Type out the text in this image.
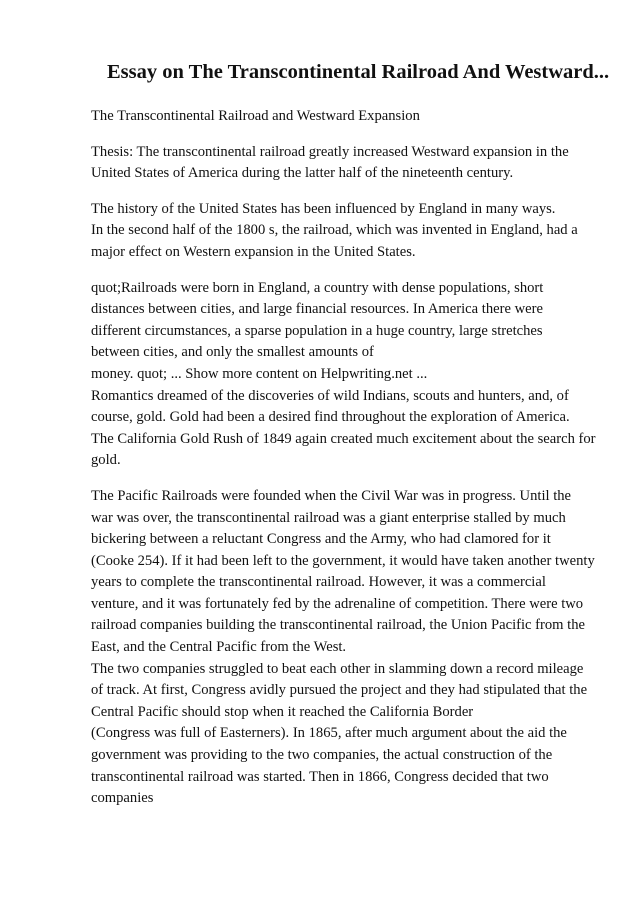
Essay on The Transcontinental Railroad And Westward...

The Transcontinental Railroad and Westward Expansion

Thesis: The transcontinental railroad greatly increased Westward expansion in the
United States of America during the latter half of the nineteenth century.

The history of the United States has been influenced by England in many ways.
In the second half of the 1800 s, the railroad, which was invented in England, had a
major effect on Western expansion in the United States.

quot;Railroads were born in England, a country with dense populations, short
distances between cities, and large financial resources. In America there were
different circumstances, a sparse population in a huge country, large stretches
between cities, and only the smallest amounts of
money. quot; ... Show more content on Helpwriting.net ...
Romantics dreamed of the discoveries of wild Indians, scouts and hunters, and, of
course, gold. Gold had been a desired find throughout the exploration of America.
The California Gold Rush of 1849 again created much excitement about the search for
gold.

The Pacific Railroads were founded when the Civil War was in progress. Until the
war was over, the transcontinental railroad was a giant enterprise stalled by much
bickering between a reluctant Congress and the Army, who had clamored for it
(Cooke 254). If it had been left to the government, it would have taken another twenty
years to complete the transcontinental railroad. However, it was a commercial
venture, and it was fortunately fed by the adrenaline of competition. There were two
railroad companies building the transcontinental railroad, the Union Pacific from the
East, and the Central Pacific from the West.
The two companies struggled to beat each other in slamming down a record mileage
of track. At first, Congress avidly pursued the project and they had stipulated that the
Central Pacific should stop when it reached the California Border
(Congress was full of Easterners). In 1865, after much argument about the aid the
government was providing to the two companies, the actual construction of the
transcontinental railroad was started. Then in 1866, Congress decided that two
companies
